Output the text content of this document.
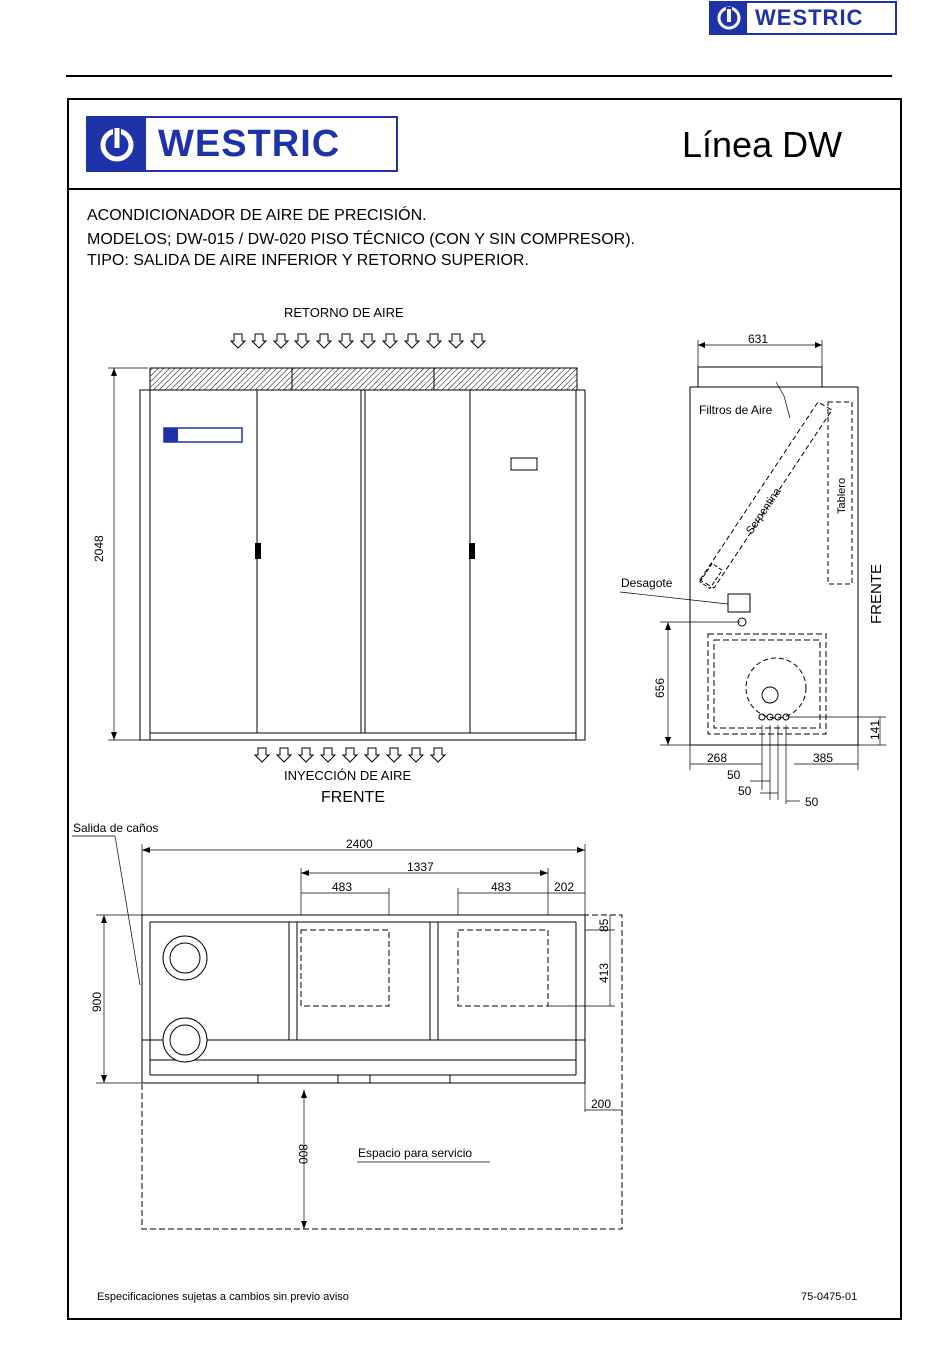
WESTRIC
WESTRIC	Línea DW
ACONDICIONADOR DE AIRE DE PRECISIÓN.
MODELOS; DW-015 / DW-020 PISO TÉCNICO (CON Y SIN COMPRESOR).
TIPO: SALIDA DE AIRE INFERIOR Y RETORNO SUPERIOR.
RETORNO DE AIRE
INYECCIÓN DE AIRE
FRENTE
2048
631
Filtros de Aire
Serpentina	Tablero
Desagote	FRENTE
656
141
268	385
50
50
50
Salida de caños
2400
1337
483	483	202
85
413
900
200
800	Espacio para servicio
Especificaciones sujetas a cambios sin previo aviso	75-0475-01
